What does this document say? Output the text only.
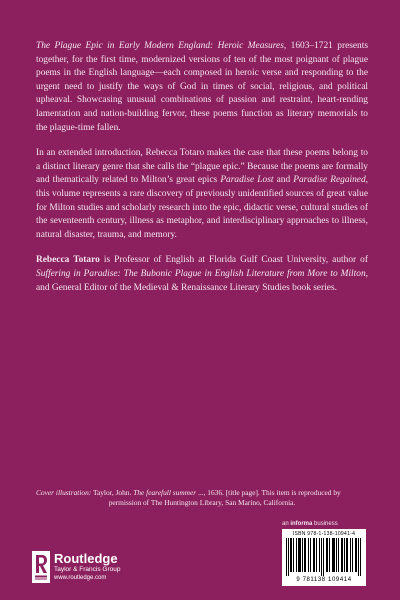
The Plague Epic in Early Modern England: Heroic Measures, 1603–1721 presents together, for the first time, modernized versions of ten of the most poignant of plague poems in the English language—each composed in heroic verse and responding to the urgent need to justify the ways of God in times of social, religious, and political upheaval. Showcasing unusual combinations of passion and restraint, heart-rending lamentation and nation-building fervor, these poems function as literary memorials to the plague-time fallen.

In an extended introduction, Rebecca Totaro makes the case that these poems belong to a distinct literary genre that she calls the “plague epic.” Because the poems are formally and thematically related to Milton’s great epics Paradise Lost and Paradise Regained, this volume represents a rare discovery of previously unidentified sources of great value for Milton studies and scholarly research into the epic, didactic verse, cultural studies of the seventeenth century, illness as metaphor, and interdisciplinary approaches to illness, natural disaster, trauma, and memory.

Rebecca Totaro is Professor of English at Florida Gulf Coast University, author of Suffering in Paradise: The Bubonic Plague in English Literature from More to Milton, and General Editor of the Medieval & Renaissance Literary Studies book series.

Cover illustration: Taylor, John. The fearefull summer ..., 1636. [title page]. This item is reproduced by
permission of The Huntington Library, San Marino, California.
an informa business
ISBN 978-1-138-10941-4
9 781138 109414
Routledge
Taylor & Francis Group
www.routledge.com
